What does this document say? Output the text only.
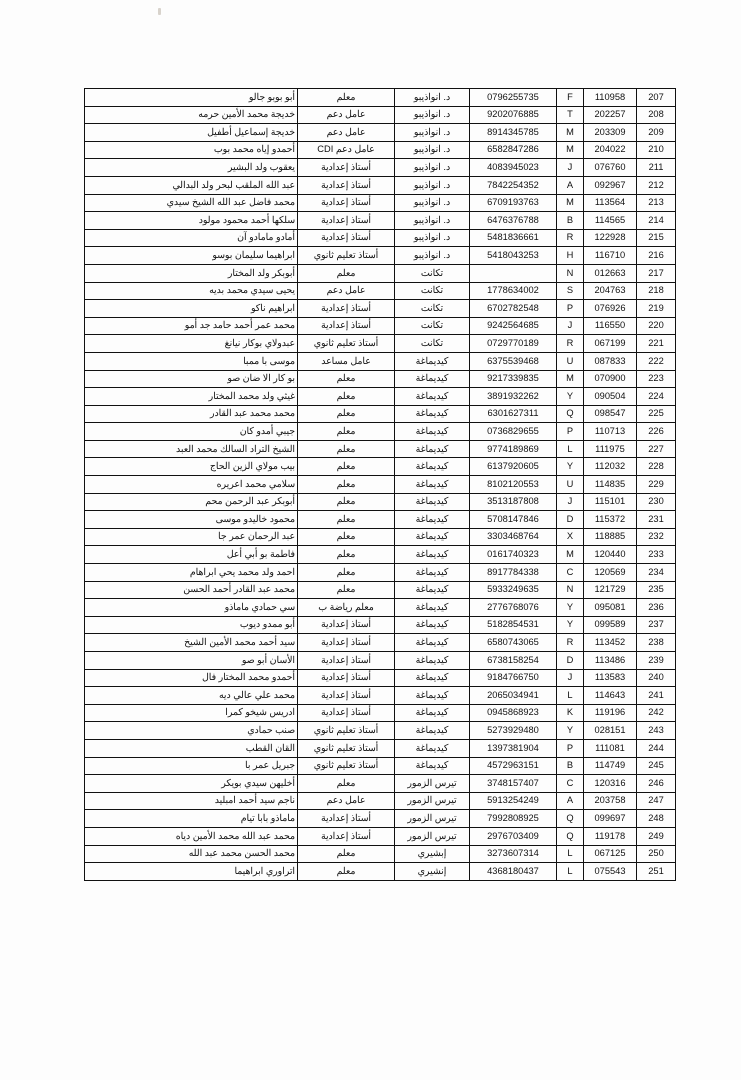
207	110958	F	0796255735	د. انواذيبو	معلم	أبو بوبو جالو
208	202257	T	9202076885	د. انواذيبو	عامل دعم	خديجة محمد الأمين حرمه
209	203309	M	8914345785	د. انواذيبو	عامل دعم	خديجة إسماعيل أطفيل
210	204022	M	6582847286	د. انواذيبو	عامل دعم CDI	أحمدو إياه محمد بوب
211	076760	J	4083945023	د. انواذيبو	أستاذ إعدادية	يعقوب ولد البشير
212	092967	A	7842254352	د. انواذيبو	أستاذ إعدادية	عبد الله الملقب لبحر ولد البدالي
213	113564	M	6709193763	د. انواذيبو	أستاذ إعدادية	محمد فاضل عبد الله الشيخ سيدي
214	114565	B	6476376788	د. انواذيبو	أستاذ إعدادية	سلكها أحمد محمود مولود
215	122928	R	5481836661	د. انواذيبو	أستاذ إعدادية	أمادو مامادو آن
216	116710	H	5418043253	د. انواذيبو	أستاذ تعليم ثانوي	ابراهيما سليمان بوسو
217	012663	N		تكانت	معلم	أبوبكر ولد المختار
218	204763	S	1778634002	تكانت	عامل دعم	يحيى سيدي محمد بديه
219	076926	P	6702782548	تكانت	أستاذ إعدادية	ابراهيم ناكو
220	116550	J	9242564685	تكانت	أستاذ إعدادية	محمد عمر أحمد حامد جد أمو
221	067199	R	0729770189	تكانت	أستاذ تعليم ثانوي	عبدولاي بوكار نيانغ
222	087833	U	6375539468	كيديماغة	عامل مساعد	موسى با ممبا
223	070900	M	9217339835	كيديماغة	معلم	بو كار الا ضان صو
224	090504	Y	3891932262	كيديماغة	معلم	غيثي ولد محمد المختار
225	098547	Q	6301627311	كيديماغة	معلم	محمد محمد عبد القادر
226	110713	P	0736829655	كيديماغة	معلم	جيبي أمدو كان
227	111975	L	9774189869	كيديماغة	معلم	الشيخ التراد السالك محمد العبد
228	112032	Y	6137920605	كيديماغة	معلم	بيب مولاي الزين الحاج
229	114835	U	8102120553	كيديماغة	معلم	سلامي محمد اعريره
230	115101	J	3513187808	كيديماغة	معلم	أبوبكر عبد الرحمن محم
231	115372	D	5708147846	كيديماغة	معلم	محمود خاليدو موسى
232	118885	X	3303468764	كيديماغة	معلم	عبد الرحمان عمر جا
233	120440	M	0161740323	كيديماغة	معلم	فاطمة بو أبي أعل
234	120569	C	8917784338	كيديماغة	معلم	احمد ولد محمد يحي ابراهام
235	121729	N	5933249635	كيديماغة	معلم	محمد عبد القادر أحمد الحسن
236	095081	Y	2776768076	كيديماغة	معلم رياضة ب	سي حمادي ماماذو
237	099589	Y	5182854531	كيديماغة	أستاذ إعدادية	أبو ممدو ديوب
238	113452	R	6580743065	كيديماغة	أستاذ إعدادية	سيد أحمد محمد الأمين الشيخ
239	113486	D	6738158254	كيديماغة	أستاذ إعدادية	الأسان أبو صو
240	113583	J	9184766750	كيديماغة	أستاذ إعدادية	أحمدو محمد المختار فال
241	114643	L	2065034941	كيديماغة	أستاذ إعدادية	محمد علي عالي ديه
242	119196	K	0945868923	كيديماغة	أستاذ إعدادية	ادريس شيخو كمرا
243	028151	Y	5273929480	كيديماغة	أستاذ تعليم ثانوي	صنب حمادي
244	111081	P	1397381904	كيديماغة	أستاذ تعليم ثانوي	القان القطب
245	114749	B	4572963151	كيديماغة	أستاذ تعليم ثانوي	جبريل عمر با
246	120316	C	3748157407	تيرس الزمور	معلم	أخليهن سيدي بويكر
247	203758	A	5913254249	تيرس الزمور	عامل دعم	ناجم سيد أحمد امبليد
248	099697	Q	7992808925	تيرس الزمور	أستاذ إعدادية	ماماذو بابا تيام
249	119178	Q	2976703409	تيرس الزمور	أستاذ إعدادية	محمد عبد الله محمد الأمين دياه
250	067125	L	3273607314	إبشيري	معلم	محمد الحسن محمد عبد الله
251	075543	L	4368180437	إنشيري	معلم	اتراوري ابراهيما
